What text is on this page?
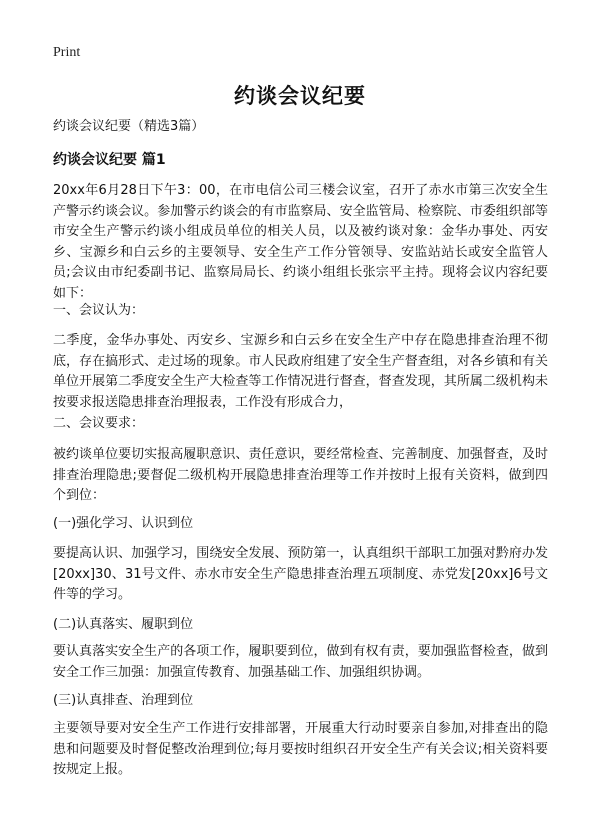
Print
约谈会议纪要
约谈会议纪要（精选3篇）
约谈会议纪要 篇1
20xx年6月28日下午3：00，在市电信公司三楼会议室，召开了赤水市第三次安全生产警示约谈会议。参加警示约谈会的有市监察局、安全监管局、检察院、市委组织部等市安全生产警示约谈小组成员单位的相关人员，以及被约谈对象：金华办事处、丙安乡、宝源乡和白云乡的主要领导、安全生产工作分管领导、安监站站长或安全监管人员;会议由市纪委副书记、监察局局长、约谈小组组长张宗平主持。现将会议内容纪要如下：
一、会议认为：
二季度，金华办事处、丙安乡、宝源乡和白云乡在安全生产中存在隐患排查治理不彻底，存在搞形式、走过场的现象。市人民政府组建了安全生产督查组，对各乡镇和有关单位开展第二季度安全生产大检查等工作情况进行督查，督查发现，其所属二级机构未按要求报送隐患排查治理报表，工作没有形成合力，
二、会议要求：
被约谈单位要切实报高履职意识、责任意识，要经常检查、完善制度、加强督查，及时排查治理隐患;要督促二级机构开展隐患排查治理等工作并按时上报有关资料，做到四个到位：
(一)强化学习、认识到位
要提高认识、加强学习，围绕安全发展、预防第一，认真组织干部职工加强对黔府办发[20xx]30、31号文件、赤水市安全生产隐患排查治理五项制度、赤党发[20xx]6号文件等的学习。
(二)认真落实、履职到位
要认真落实安全生产的各项工作，履职要到位，做到有权有责，要加强监督检查，做到安全工作三加强：加强宣传教育、加强基础工作、加强组织协调。
(三)认真排查、治理到位
主要领导要对安全生产工作进行安排部署，开展重大行动时要亲自参加,对排查出的隐患和问题要及时督促整改治理到位;每月要按时组织召开安全生产有关会议;相关资料要按规定上报。
